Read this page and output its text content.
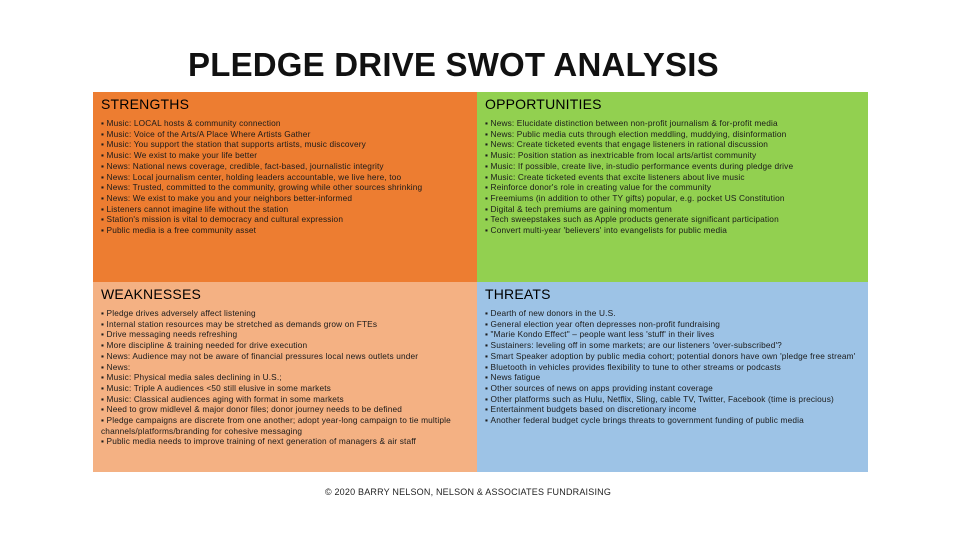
PLEDGE DRIVE SWOT ANALYSIS
STRENGTHS
▪ Music: LOCAL hosts & community connection
▪ Music: Voice of the Arts/A Place Where Artists Gather
▪ Music: You support the station that supports artists, music discovery
▪ Music: We exist to make your life better
▪ News: National news coverage, credible, fact-based, journalistic integrity
▪ News: Local journalism center, holding leaders accountable, we live here, too
▪ News: Trusted, committed to the community, growing while other sources shrinking
▪ News: We exist to make you and your neighbors better-informed
▪ Listeners cannot imagine life without the station
▪ Station's mission is vital to democracy and cultural expression
▪ Public media is a free community asset
OPPORTUNITIES
▪ News: Elucidate distinction between non-profit journalism & for-profit media
▪ News: Public media cuts through election meddling, muddying, disinformation
▪ News: Create ticketed events that engage listeners in rational discussion
▪ Music: Position station as inextricable from local arts/artist community
▪ Music: If possible, create live, in-studio performance events during pledge drive
▪ Music: Create ticketed events that excite listeners about live music
▪ Reinforce donor's role in creating value for the community
▪ Freemiums (in addition to other TY gifts) popular, e.g. pocket US Constitution
▪ Digital & tech premiums are gaining momentum
▪ Tech sweepstakes such as Apple products generate significant participation
▪ Convert multi-year 'believers' into evangelists for public media
WEAKNESSES
▪ Pledge drives adversely affect listening
▪ Internal station resources may be stretched as demands grow on FTEs
▪ Drive messaging needs refreshing
▪ More discipline & training needed for drive execution
▪ News: Audience may not be aware of financial pressures local news outlets under
▪ News:
▪ Music: Physical media sales declining in U.S.;
▪ Music: Triple A audiences <50 still elusive in some markets
▪ Music: Classical audiences aging with format in some markets
▪ Need to grow midlevel & major donor files; donor journey needs to be defined
▪ Pledge campaigns are discrete from one another; adopt year-long campaign to tie multiple channels/platforms/branding for cohesive messaging
▪ Public media needs to improve training of next generation of managers & air staff
THREATS
▪ Dearth of new donors in the U.S.
▪ General election year often depresses non-profit fundraising
▪ "Marie Kondo Effect" – people want less 'stuff' in their lives
▪ Sustainers: leveling off in some markets; are our listeners 'over-subscribed'?
▪ Smart Speaker adoption by public media cohort; potential donors have own 'pledge free stream'
▪ Bluetooth in vehicles provides flexibility to tune to other streams or podcasts
▪ News fatigue
▪ Other sources of news on apps providing instant coverage
▪ Other platforms such as Hulu, Netflix, Sling, cable TV, Twitter, Facebook (time is precious)
▪ Entertainment budgets based on discretionary income
▪ Another federal budget cycle brings threats to government funding of public media
© 2020 BARRY NELSON, NELSON & ASSOCIATES FUNDRAISING
